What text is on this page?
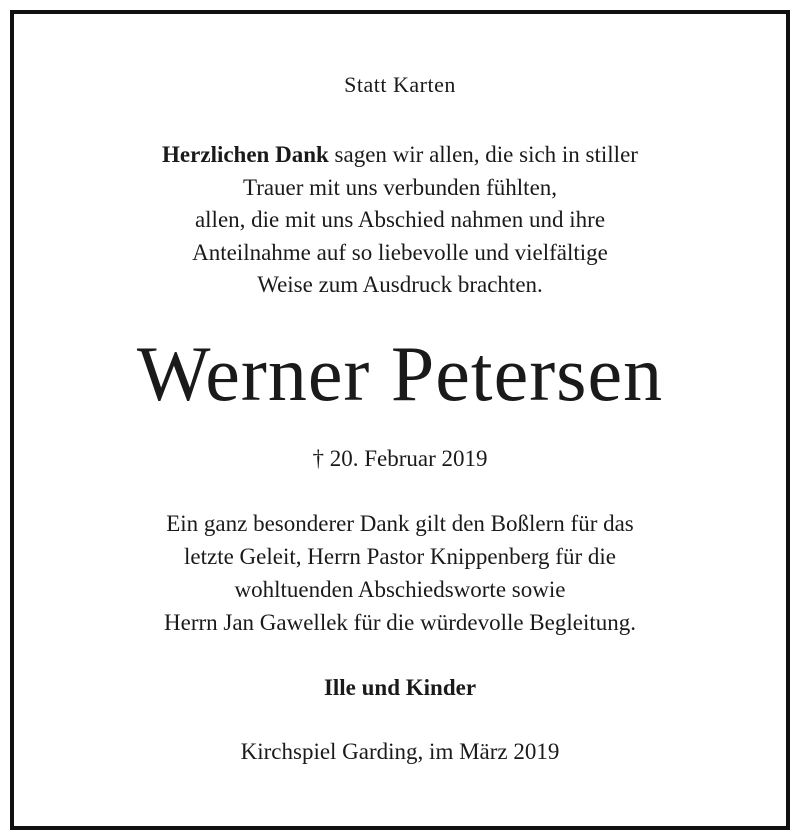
Statt Karten
Herzlichen Dank sagen wir allen, die sich in stiller
Trauer mit uns verbunden fühlten,
allen, die mit uns Abschied nahmen und ihre
Anteilnahme auf so liebevolle und vielfältige
Weise zum Ausdruck brachten.
Werner Petersen
† 20. Februar 2019
Ein ganz besonderer Dank gilt den Boßlern für das
letzte Geleit, Herrn Pastor Knippenberg für die
wohltuenden Abschiedsworte sowie
Herrn Jan Gawellek für die würdevolle Begleitung.
Ille und Kinder
Kirchspiel Garding, im März 2019
